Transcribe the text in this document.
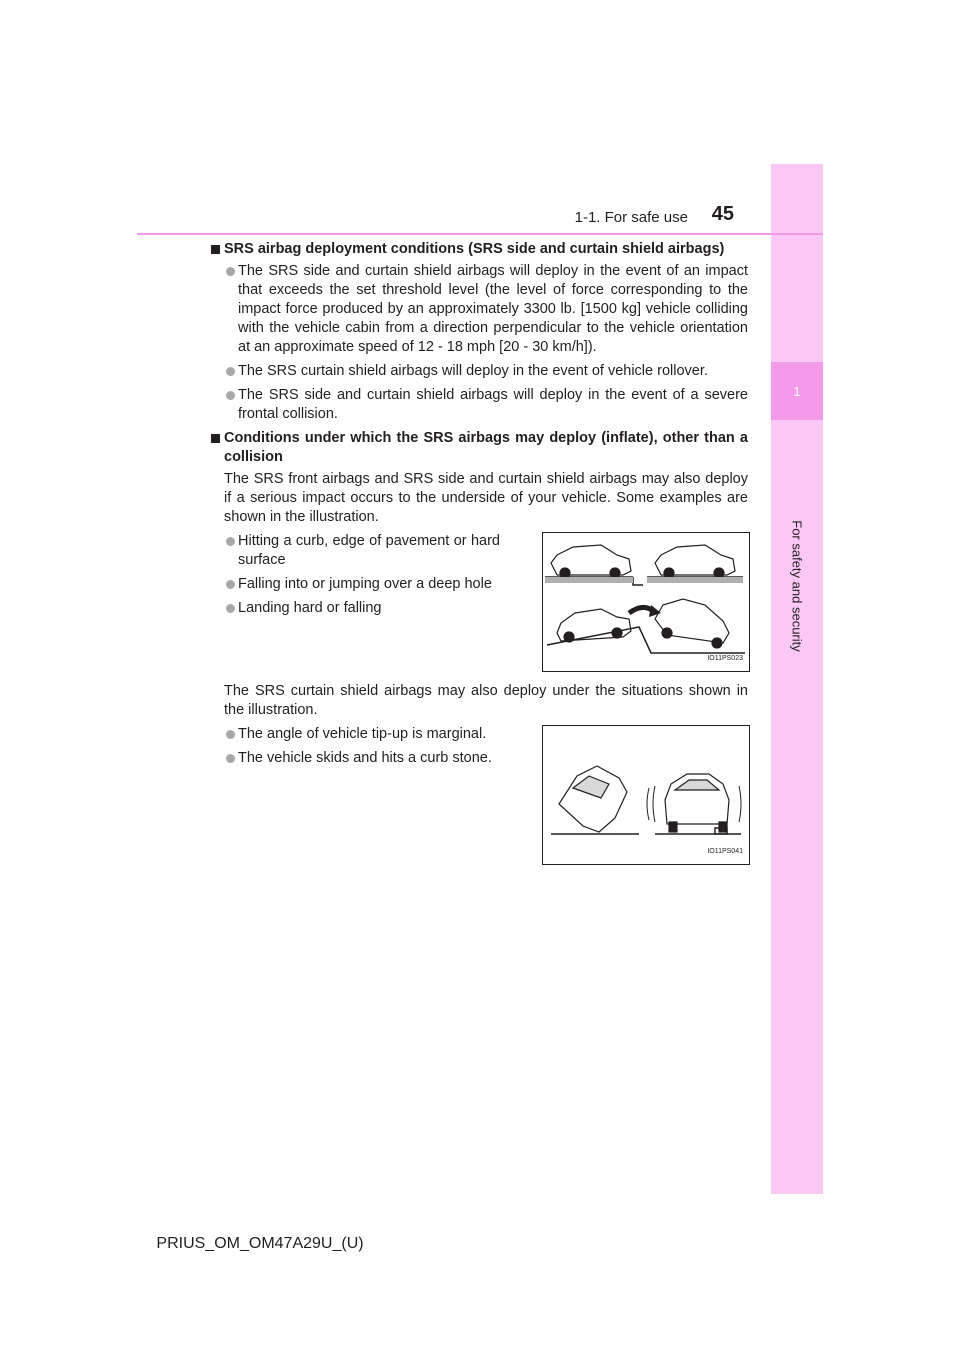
1
For safety and security
1-1. For safe use 45
SRS airbag deployment conditions (SRS side and curtain shield airbags)
The SRS side and curtain shield airbags will deploy in the event of an impact that exceeds the set threshold level (the level of force corresponding to the impact force produced by an approximately 3300 lb. [1500 kg] vehicle colliding with the vehicle cabin from a direction perpendicular to the vehicle orientation at an approximate speed of 12 - 18 mph [20 - 30 km/h]).
The SRS curtain shield airbags will deploy in the event of vehicle rollover.
The SRS side and curtain shield airbags will deploy in the event of a severe frontal collision.
Conditions under which the SRS airbags may deploy (inflate), other than a collision
The SRS front airbags and SRS side and curtain shield airbags may also deploy if a serious impact occurs to the underside of your vehicle. Some examples are shown in the illustration.
Hitting a curb, edge of pavement or hard surface
Falling into or jumping over a deep hole
Landing hard or falling
IO11PS023
The SRS curtain shield airbags may also deploy under the situations shown in the illustration.
The angle of vehicle tip-up is marginal.
The vehicle skids and hits a curb stone.
IO11PS041
PRIUS_OM_OM47A29U_(U)
